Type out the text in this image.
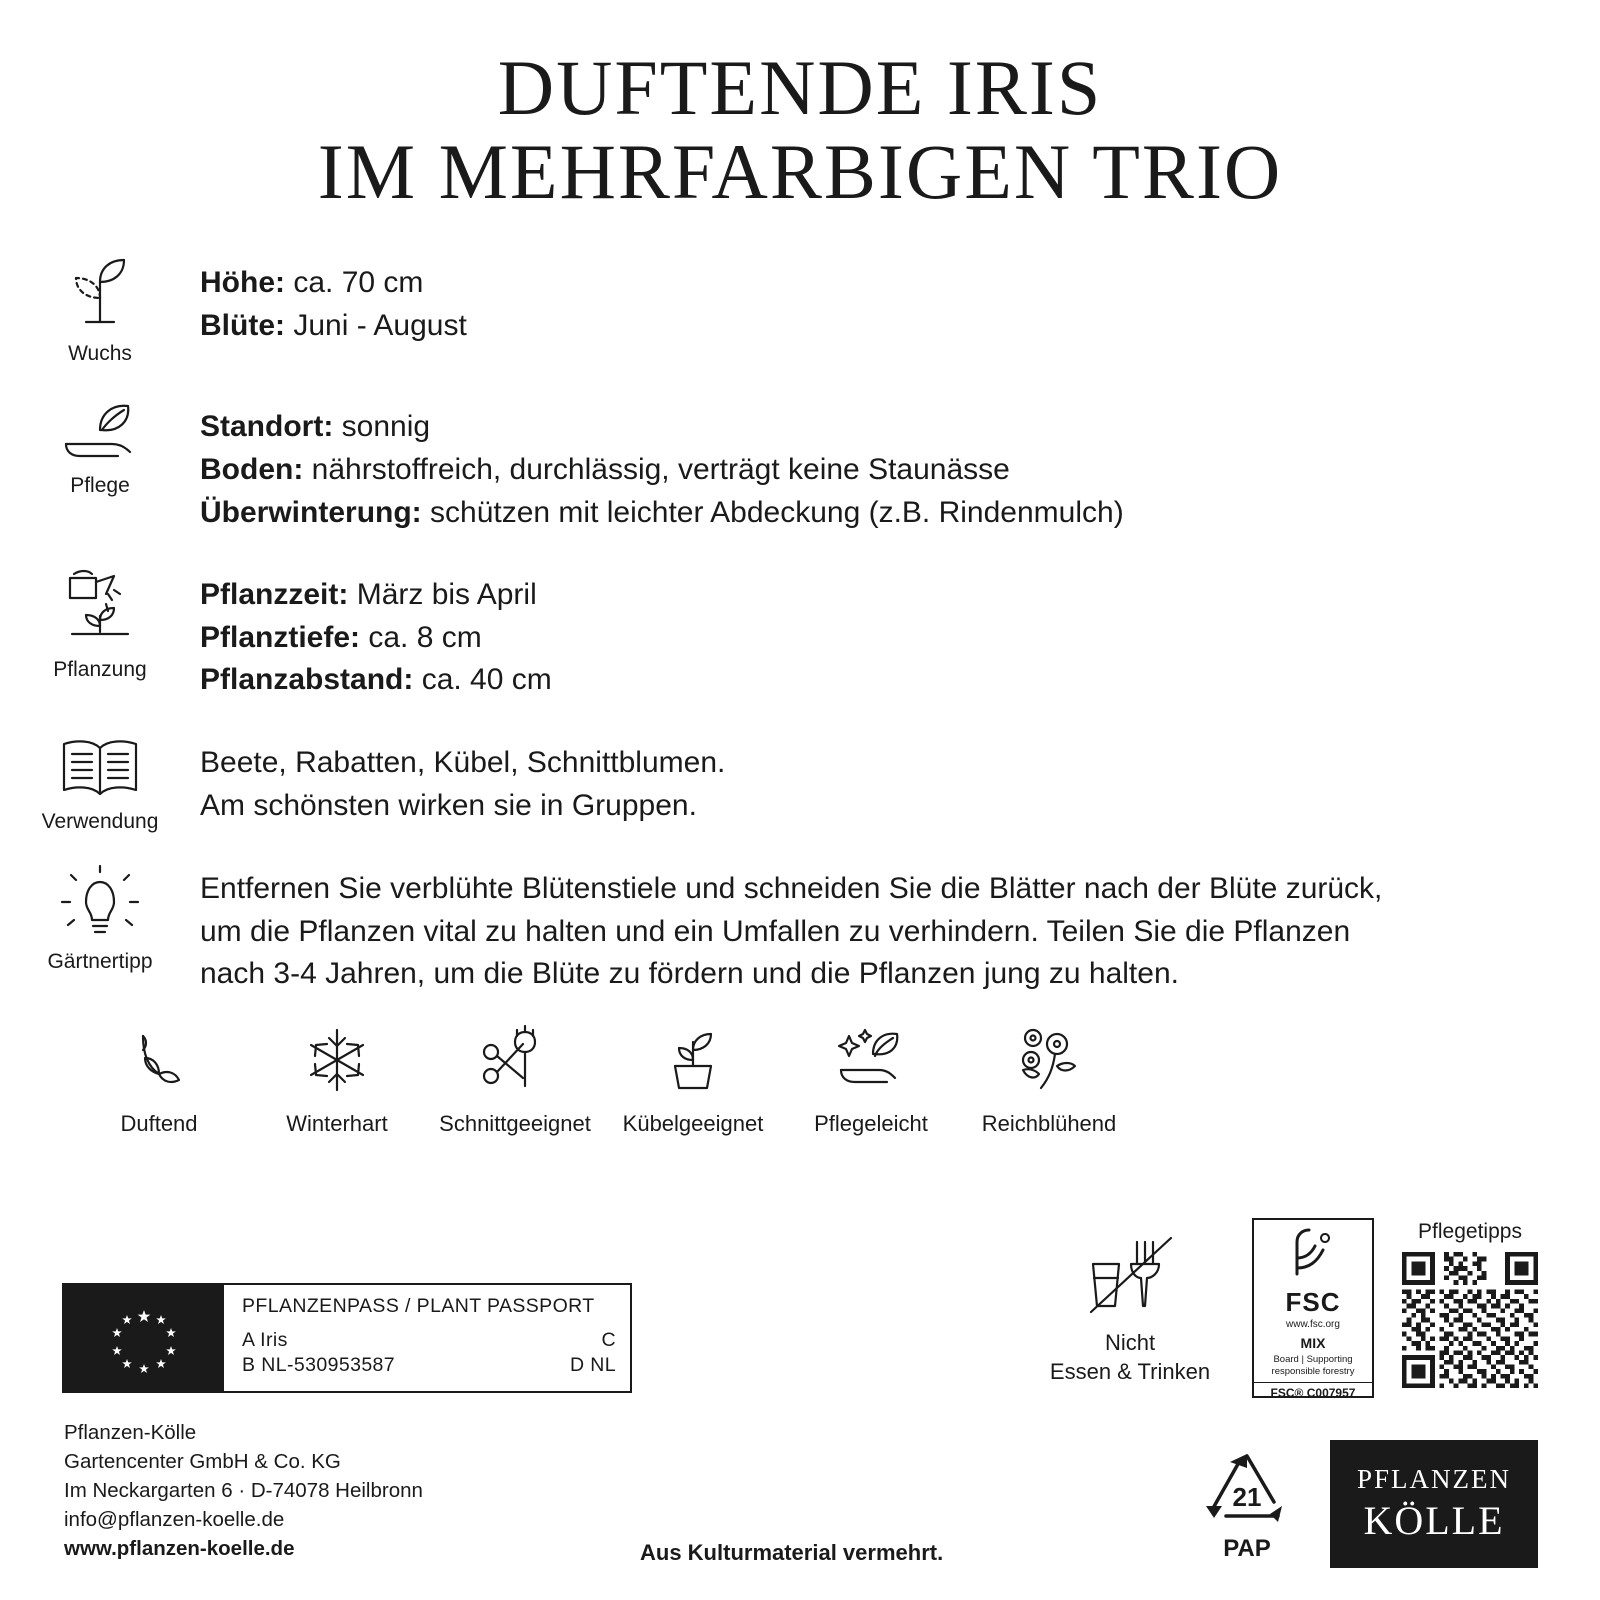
DUFTENDE IRIS
IM MEHRFARBIGEN TRIO
Wuchs
Höhe: ca. 70 cm
Blüte: Juni - August
Pflege
Standort: sonnig
Boden: nährstoffreich, durchlässig, verträgt keine Staunässe
Überwinterung: schützen mit leichter Abdeckung (z.B. Rindenmulch)
Pflanzung
Pflanzzeit: März bis April
Pflanztiefe: ca. 8 cm
Pflanzabstand: ca. 40 cm
Verwendung
Beete, Rabatten, Kübel, Schnittblumen.
Am schönsten wirken sie in Gruppen.
Gärtnertipp
Entfernen Sie verblühte Blütenstiele und schneiden Sie die Blätter nach der Blüte zurück,
um die Pflanzen vital zu halten und ein Umfallen zu verhindern. Teilen Sie die Pflanzen
nach 3-4 Jahren, um die Blüte zu fördern und die Pflanzen jung zu halten.
Duftend	Winterhart Schnittgeeignet Kübelgeeignet Pflegeleicht Reichblühend
PFLANZENPASS / PLANT PASSPORT
A Iris	C
B NL-530953587	D NL
Pflanzen-Kölle
Gartencenter GmbH & Co. KG
Im Neckargarten 6 · D-74078 Heilbronn
info@pflanzen-koelle.de
www.pflanzen-koelle.de	Aus Kulturmaterial vermehrt.
Nicht
Essen & Trinken
FSC
www.fsc.org
MIX
Board | Supporting responsible forestry
FSC® C007957
Pflegetipps
21
PAP
PFLANZEN
KÖLLE
